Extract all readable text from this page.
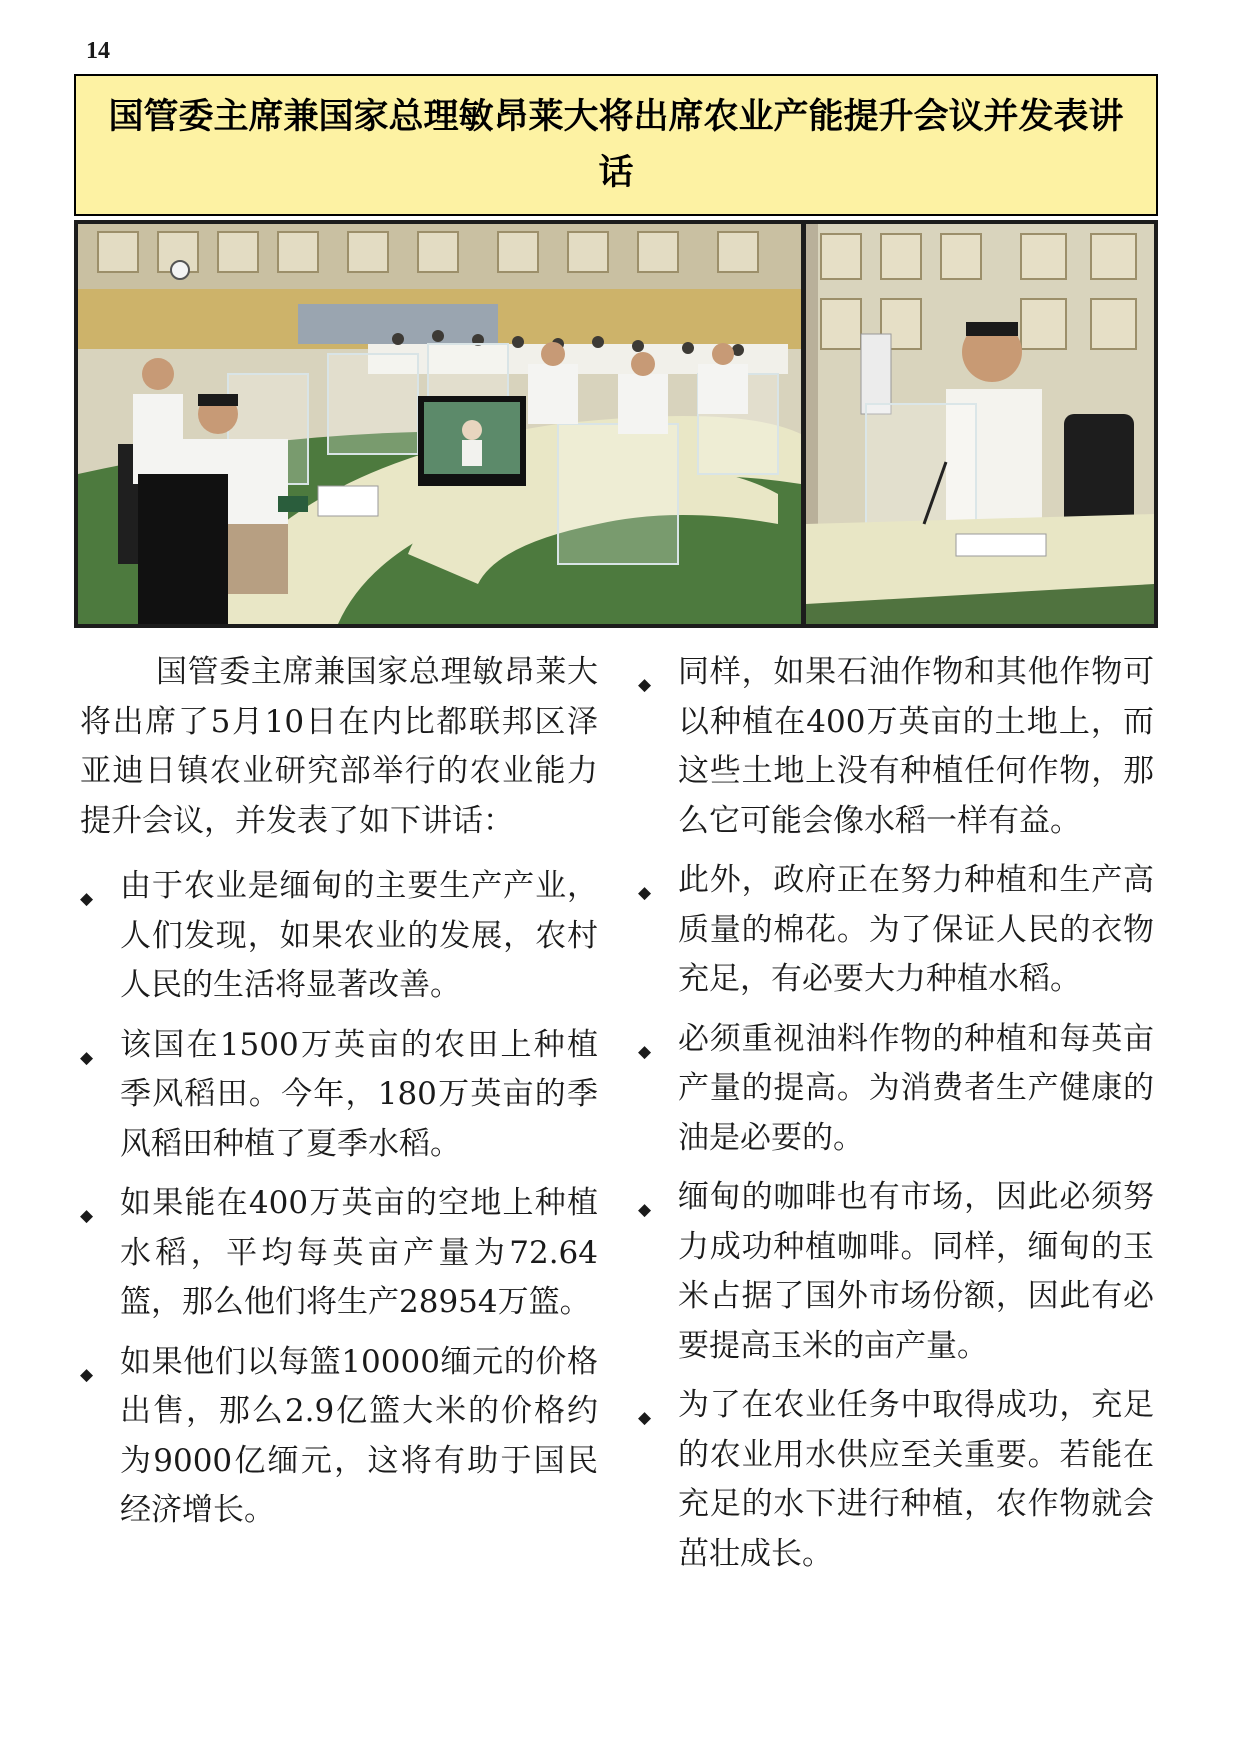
14
国管委主席兼国家总理敏昂莱大将出席农业产能提升会议并发表讲话

国管委主席兼国家总理敏昂莱大将出席了5月10日在内比都联邦区泽亚迪日镇农业研究部举行的农业能力提升会议，并发表了如下讲话：

◆ 由于农业是缅甸的主要生产产业，人们发现，如果农业的发展，农村人民的生活将显著改善。
◆ 该国在1500万英亩的农田上种植季风稻田。今年，180万英亩的季风稻田种植了夏季水稻。
◆ 如果能在400万英亩的空地上种植水稻，平均每英亩产量为72.64篮，那么他们将生产28954万篮。
◆ 如果他们以每篮10000缅元的价格出售，那么2.9亿篮大米的价格约为9000亿缅元，这将有助于国民经济增长。
◆ 同样，如果石油作物和其他作物可以种植在400万英亩的土地上，而这些土地上没有种植任何作物，那么它可能会像水稻一样有益。
◆ 此外，政府正在努力种植和生产高质量的棉花。为了保证人民的衣物充足，有必要大力种植水稻。
◆ 必须重视油料作物的种植和每英亩产量的提高。为消费者生产健康的油是必要的。
◆ 缅甸的咖啡也有市场，因此必须努力成功种植咖啡。同样，缅甸的玉米占据了国外市场份额，因此有必要提高玉米的亩产量。
◆ 为了在农业任务中取得成功，充足的农业用水供应至关重要。若能在充足的水下进行种植，农作物就会茁壮成长。
